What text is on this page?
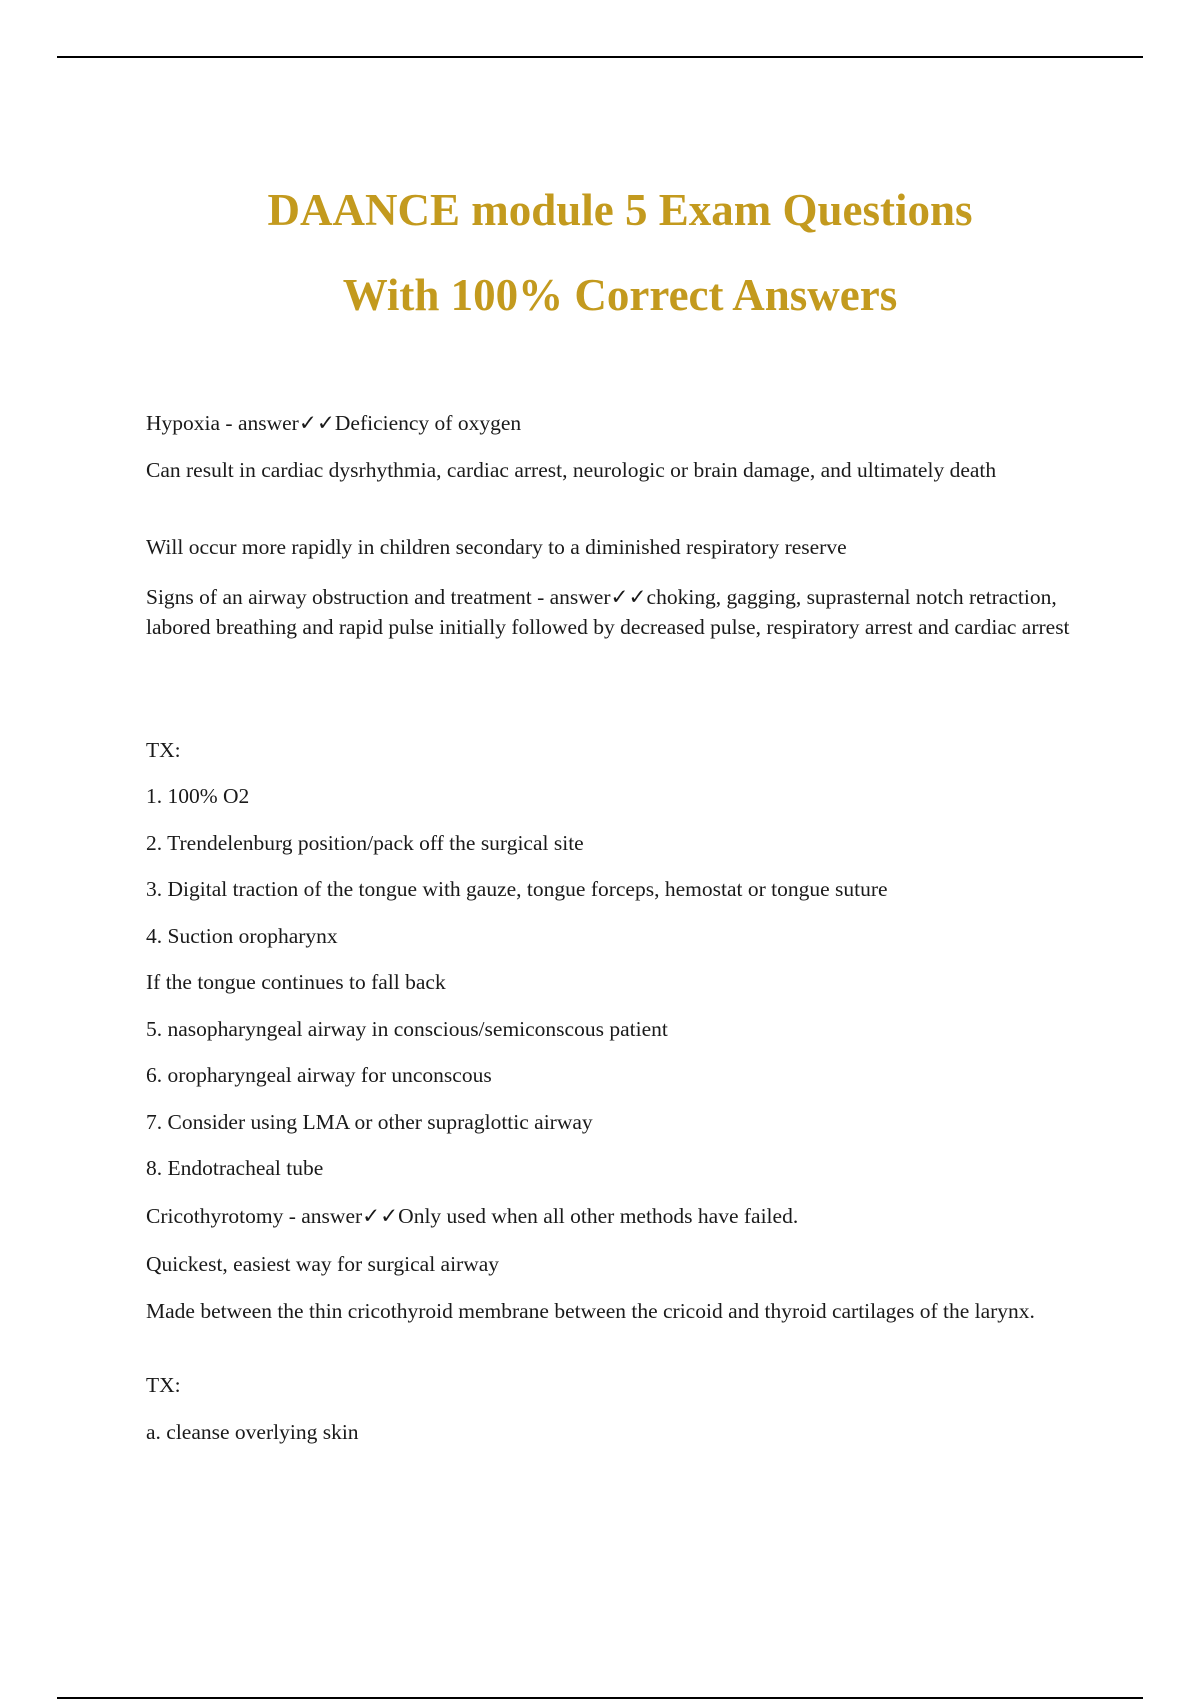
DAANCE module 5 Exam Questions
With 100% Correct Answers

Hypoxia - answer✓✓Deficiency of oxygen

Can result in cardiac dysrhythmia, cardiac arrest, neurologic or brain damage, and ultimately death

Will occur more rapidly in children secondary to a diminished respiratory reserve

Signs of an airway obstruction and treatment - answer✓✓choking, gagging, suprasternal notch retraction, labored breathing and rapid pulse initially followed by decreased pulse, respiratory arrest and cardiac arrest

TX:

1. 100% O2

2. Trendelenburg position/pack off the surgical site

3. Digital traction of the tongue with gauze, tongue forceps, hemostat or tongue suture

4. Suction oropharynx

If the tongue continues to fall back

5. nasopharyngeal airway in conscious/semiconscous patient

6. oropharyngeal airway for unconscous

7. Consider using LMA or other supraglottic airway

8. Endotracheal tube

Cricothyrotomy - answer✓✓Only used when all other methods have failed.

Quickest, easiest way for surgical airway

Made between the thin cricothyroid membrane between the cricoid and thyroid cartilages of the larynx.

TX:

a. cleanse overlying skin
